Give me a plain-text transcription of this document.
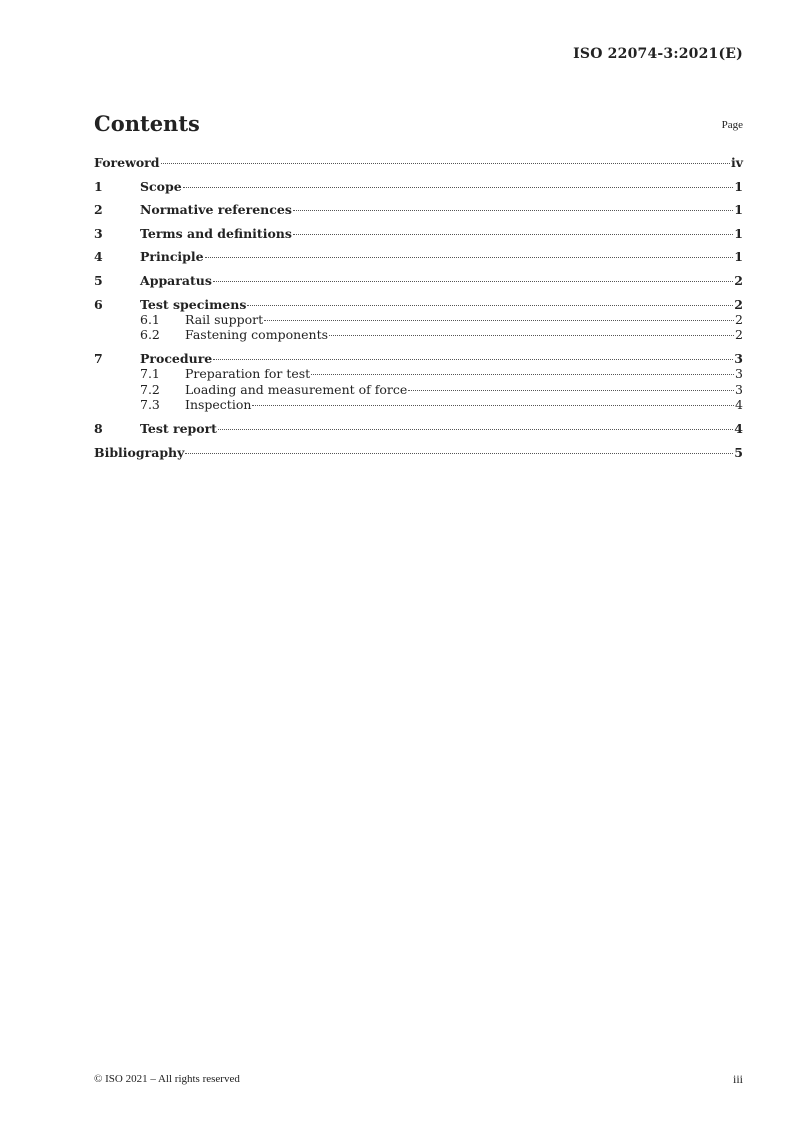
ISO 22074-3:2021(E)
Contents	Page
Foreword	iv
1	Scope	1
2	Normative references	1
3	Terms and definitions	1
4	Principle	1
5	Apparatus	2
6	Test specimens	2
6.1	Rail support	2
6.2	Fastening components	2
7	Procedure	3
7.1	Preparation for test	3
7.2	Loading and measurement of force	3
7.3	Inspection	4
8	Test report	4
Bibliography	5
© ISO 2021 – All rights reserved	iii
